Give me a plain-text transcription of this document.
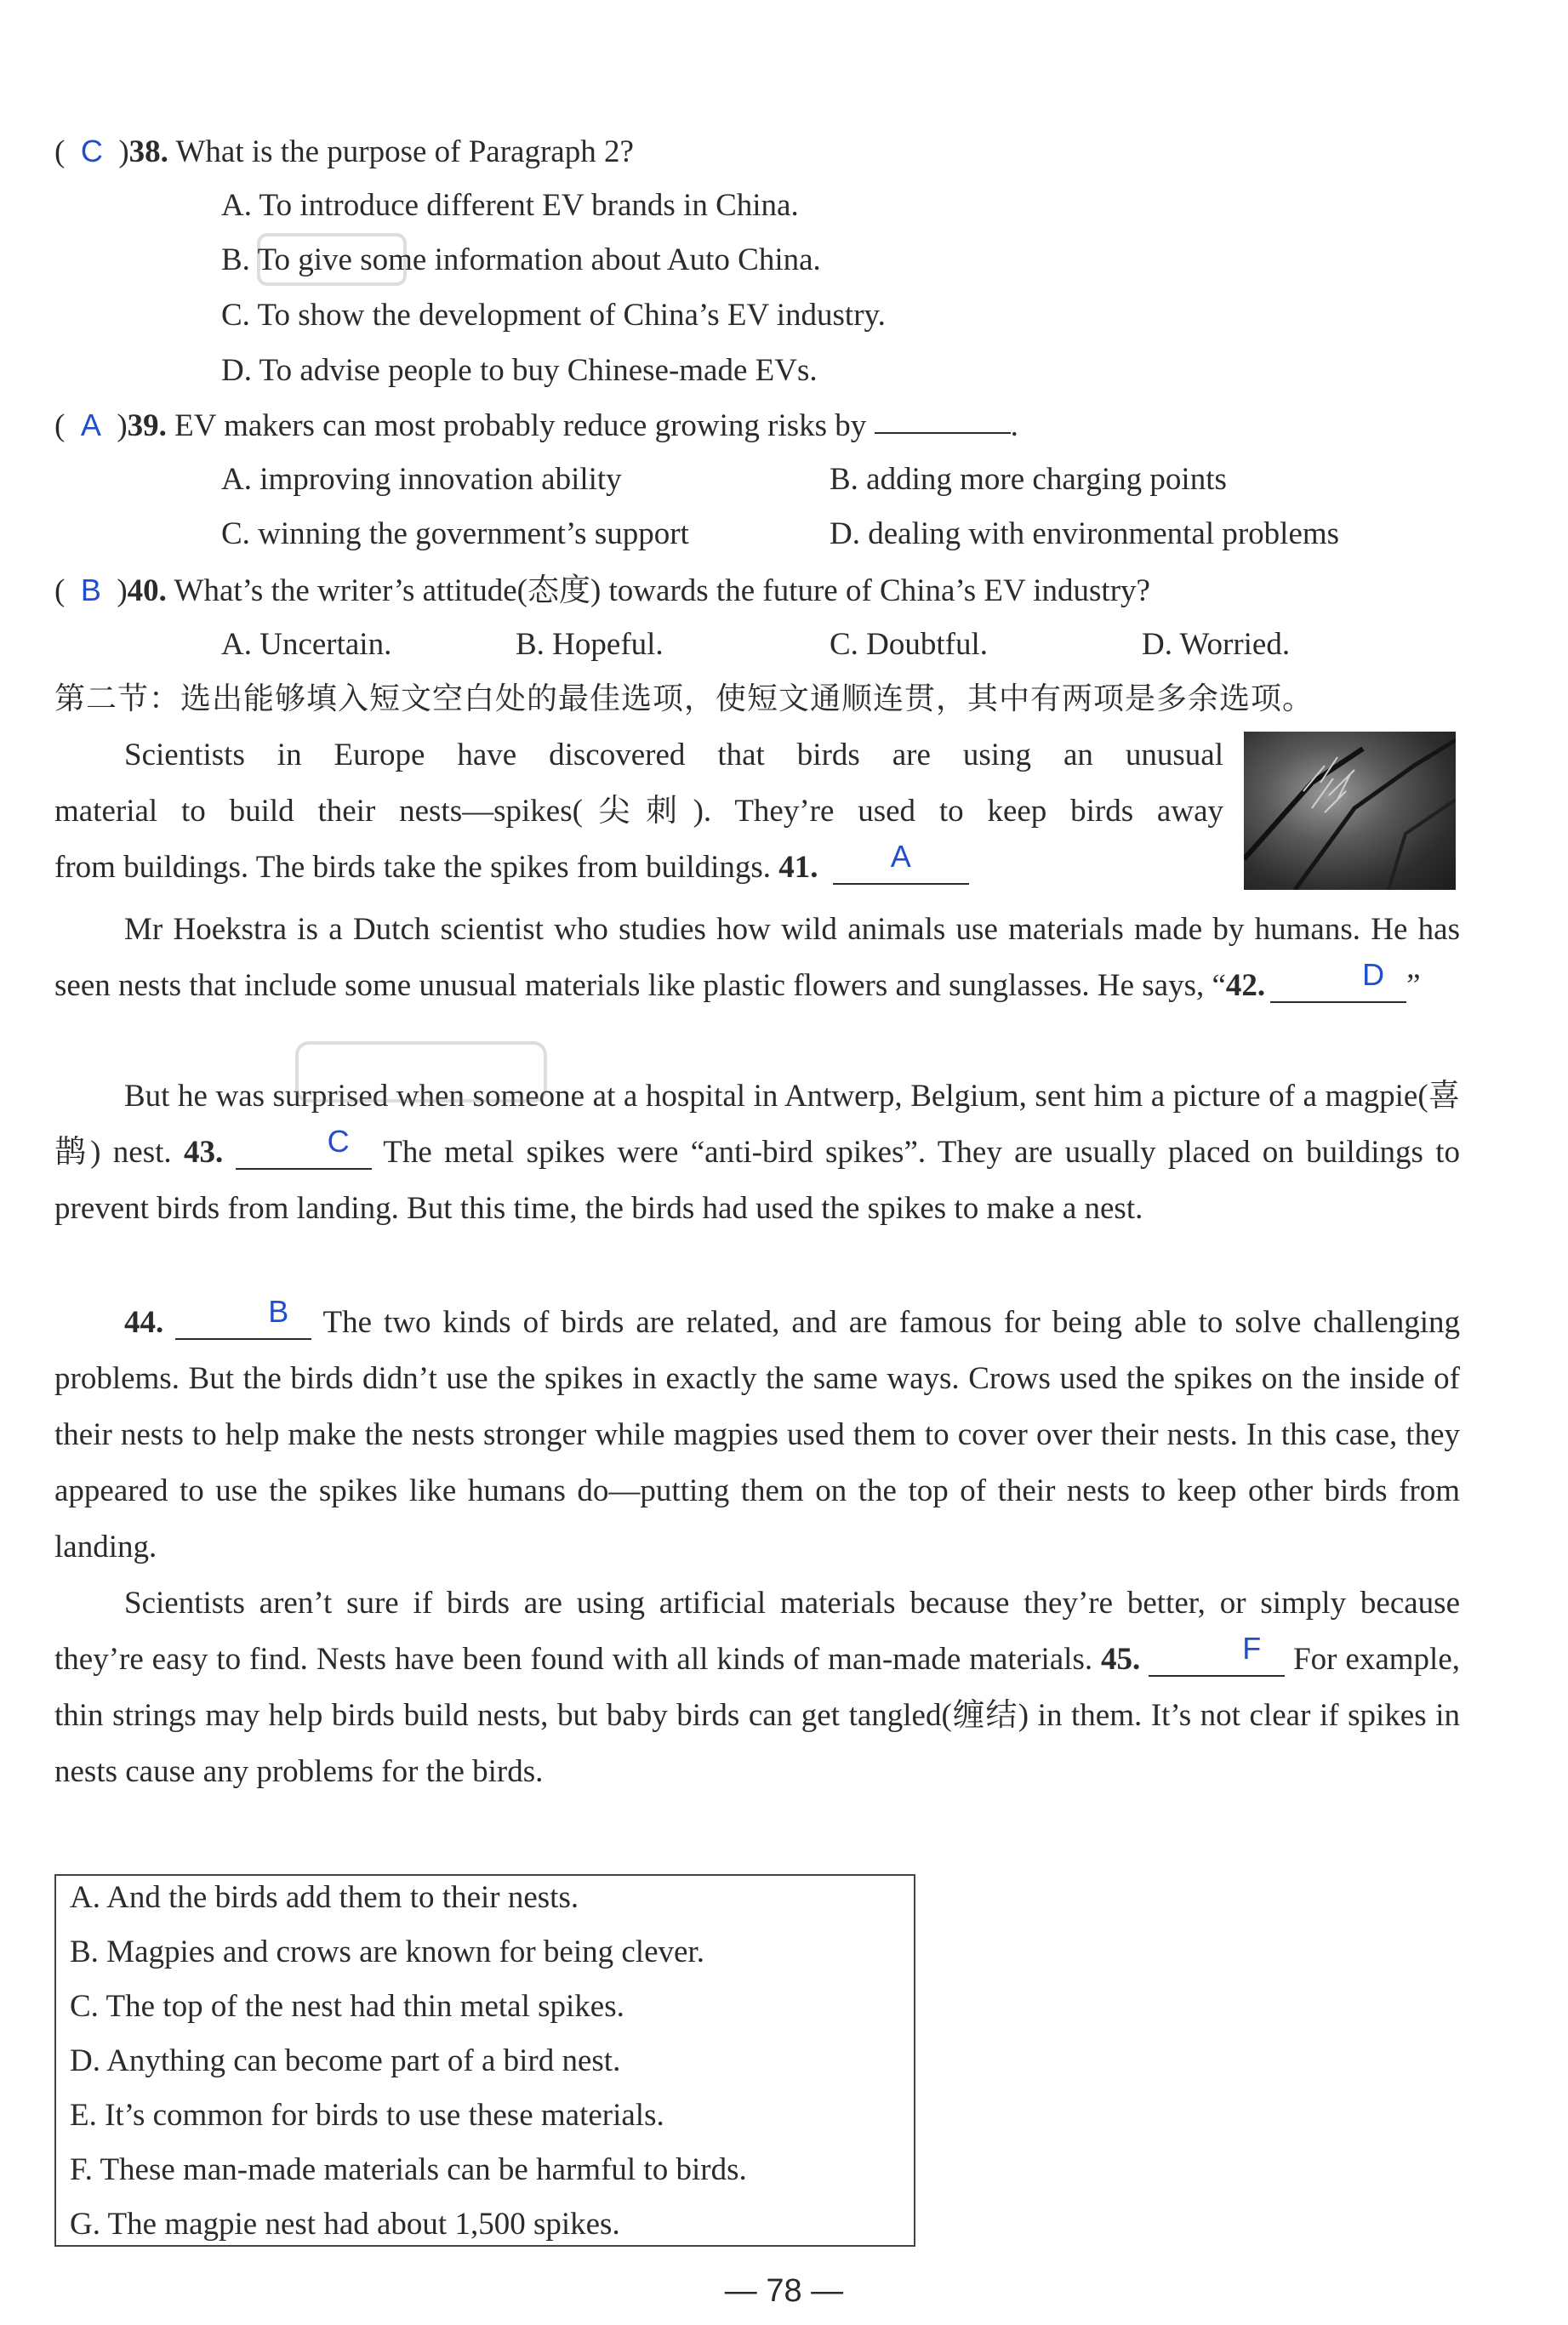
(  C  )38. What is the purpose of Paragraph 2?
A. To introduce different EV brands in China.
B. To give some information about Auto China.
C. To show the development of China’s EV industry.
D. To advise people to buy Chinese-made EVs.
(  A  )39. EV makers can most probably reduce growing risks by	.
A. improving innovation ability	B. adding more charging points
C. winning the government’s support	D. dealing with environmental problems
(  B  )40. What’s the writer’s attitude(态度) towards the future of China’s EV industry?
A. Uncertain.	B. Hopeful.	C. Doubtful.	D. Worried.
第二节：选出能够填入短文空白处的最佳选项，使短文通顺连贯，其中有两项是多余选项。
Scientists in Europe have discovered that birds are using an unusual
material to build their nests—spikes(尖刺). They’re used to keep birds away
from buildings. The birds take the spikes from buildings. 41. A
Mr Hoekstra is a Dutch scientist who studies how wild animals use materials made by humans. He has seen nests that include some unusual materials like plastic flowers and sunglasses. He says, “42.	D ”
But he was surprised when someone at a hospital in Antwerp, Belgium, sent him a picture of a magpie(喜鹊) nest. 43.	C The metal spikes were “anti-bird spikes”. They are usually placed on buildings to prevent birds from landing. But this time, the birds had used the spikes to make a nest.
44.	B The two kinds of birds are related, and are famous for being able to solve challenging problems. But the birds didn’t use the spikes in exactly the same ways. Crows used the spikes on the inside of their nests to help make the nests stronger while magpies used them to cover over their nests. In this case, they appeared to use the spikes like humans do—putting them on the top of their nests to keep other birds from landing.
Scientists aren’t sure if birds are using artificial materials because they’re better, or simply because they’re easy to find. Nests have been found with all kinds of man-made materials. 45.	F For example, thin strings may help birds build nests, but baby birds can get tangled(缠结) in them. It’s not clear if spikes in nests cause any problems for the birds.
A. And the birds add them to their nests.
B. Magpies and crows are known for being clever.
C. The top of the nest had thin metal spikes.
D. Anything can become part of a bird nest.
E. It’s common for birds to use these materials.
F. These man-made materials can be harmful to birds.
G. The magpie nest had about 1,500 spikes.
— 78 —
